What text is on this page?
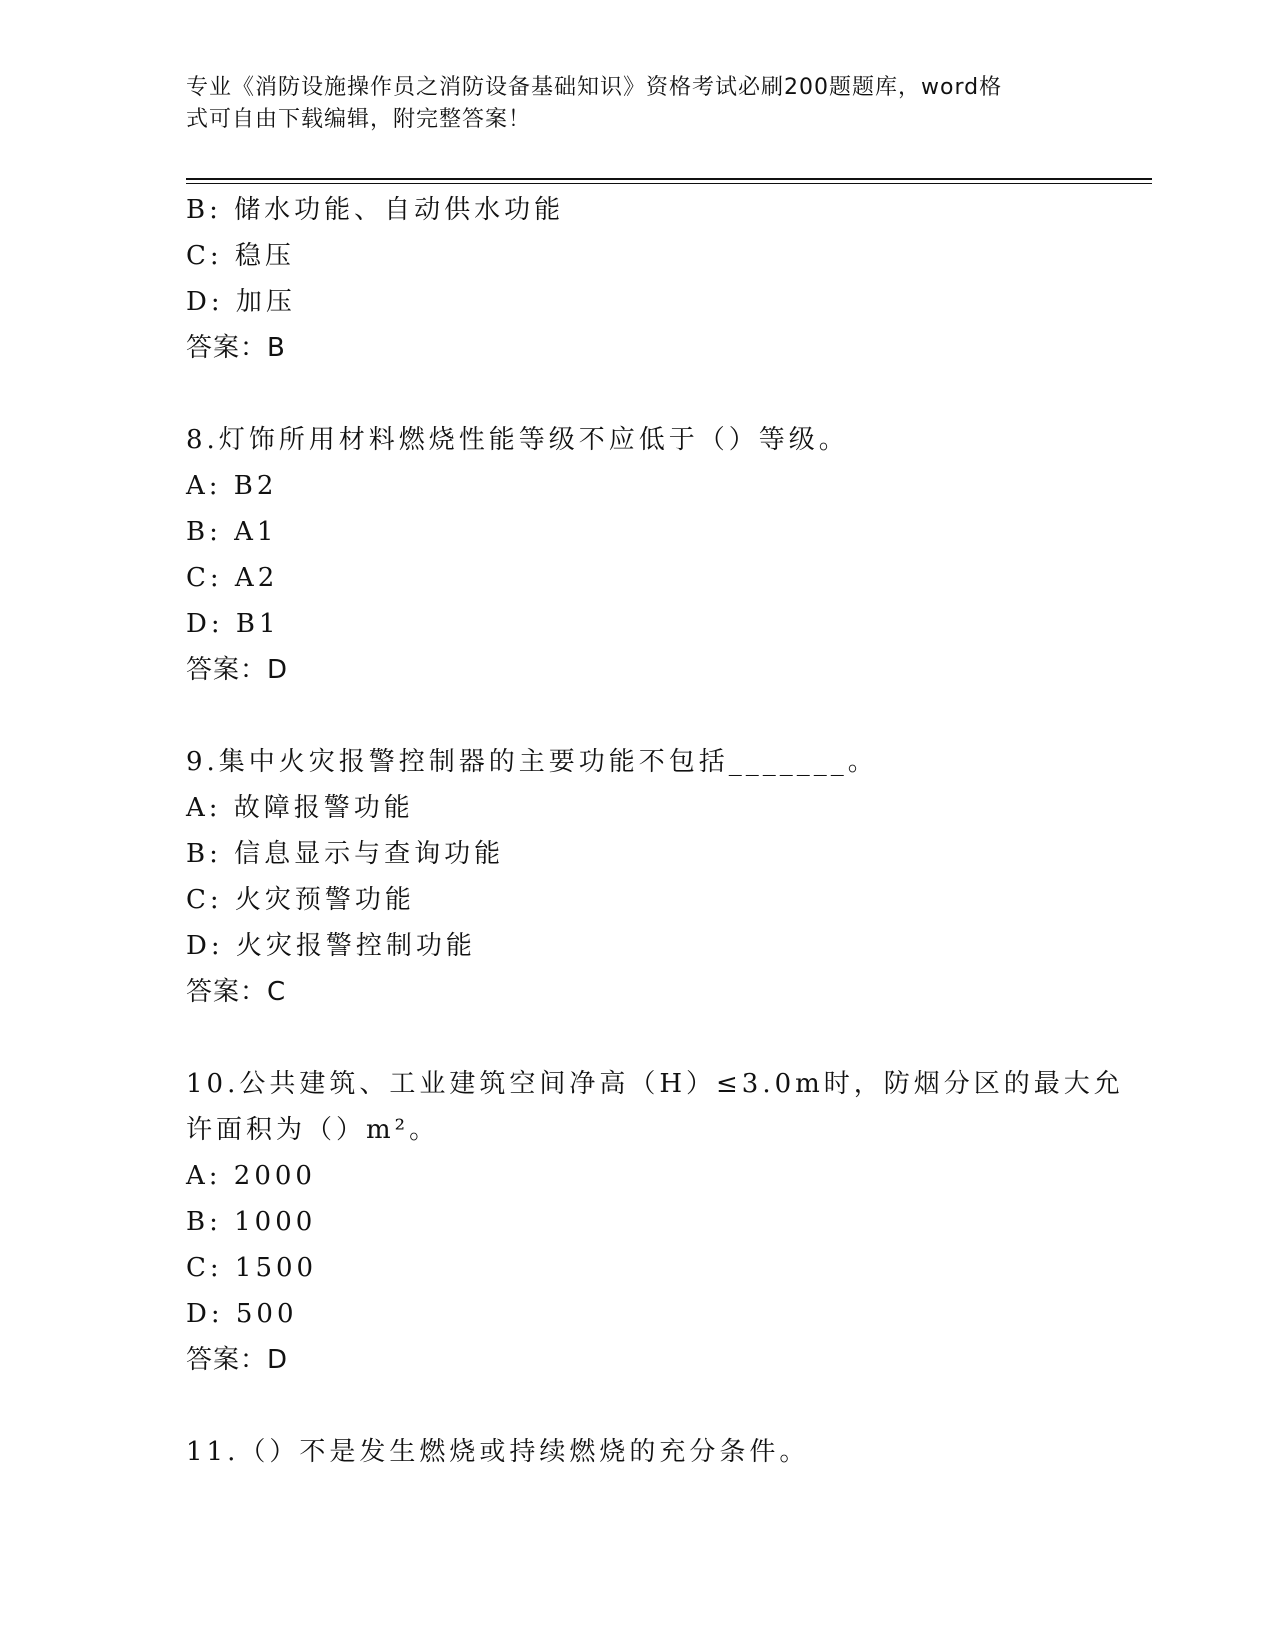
专业《消防设施操作员之消防设备基础知识》资格考试必刷200题题库，word格
式可自由下载编辑，附完整答案！
B: 储水功能、自动供水功能
C: 稳压
D: 加压
答案：B
8.灯饰所用材料燃烧性能等级不应低于（）等级。
A: B2
B: A1
C: A2
D: B1
答案：D
9.集中火灾报警控制器的主要功能不包括_______。
A: 故障报警功能
B: 信息显示与查询功能
C: 火灾预警功能
D: 火灾报警控制功能
答案：C
10.公共建筑、工业建筑空间净高（H）≤3.0m时，防烟分区的最大允
许面积为（）m²。
A: 2000
B: 1000
C: 1500
D: 500
答案：D
11.（）不是发生燃烧或持续燃烧的充分条件。
